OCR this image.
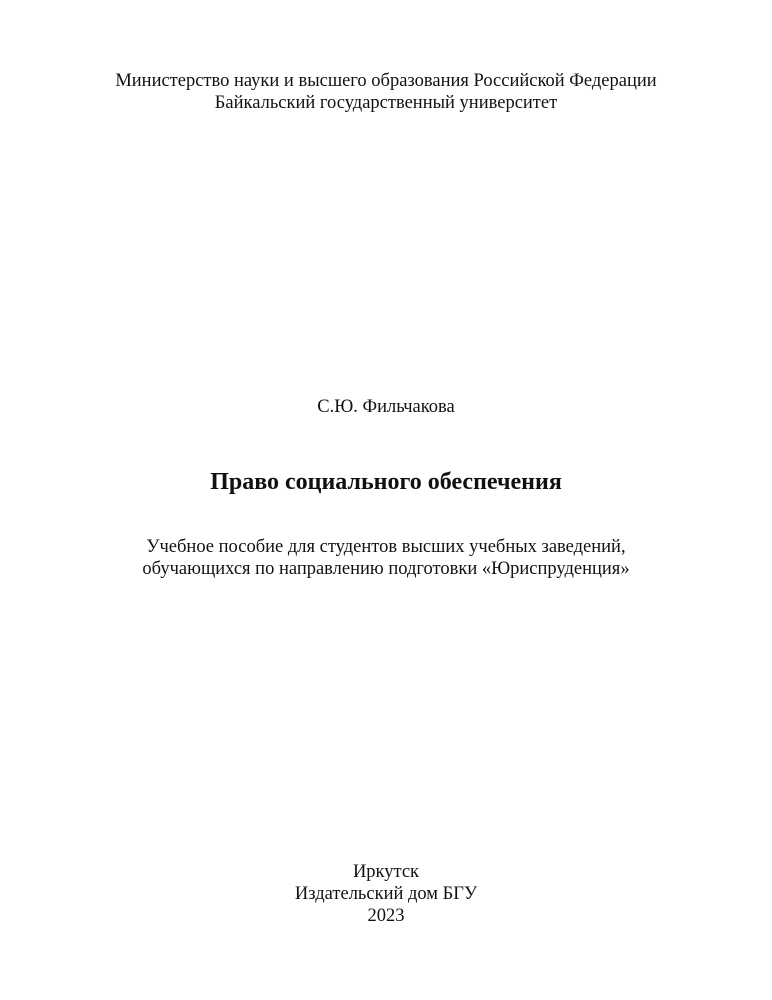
Министерство науки и высшего образования Российской Федерации
Байкальский государственный университет
С.Ю. Фильчакова
Право социального обеспечения
Учебное пособие для студентов высших учебных заведений,
обучающихся по направлению подготовки «Юриспруденция»
Иркутск
Издательский дом БГУ
2023
